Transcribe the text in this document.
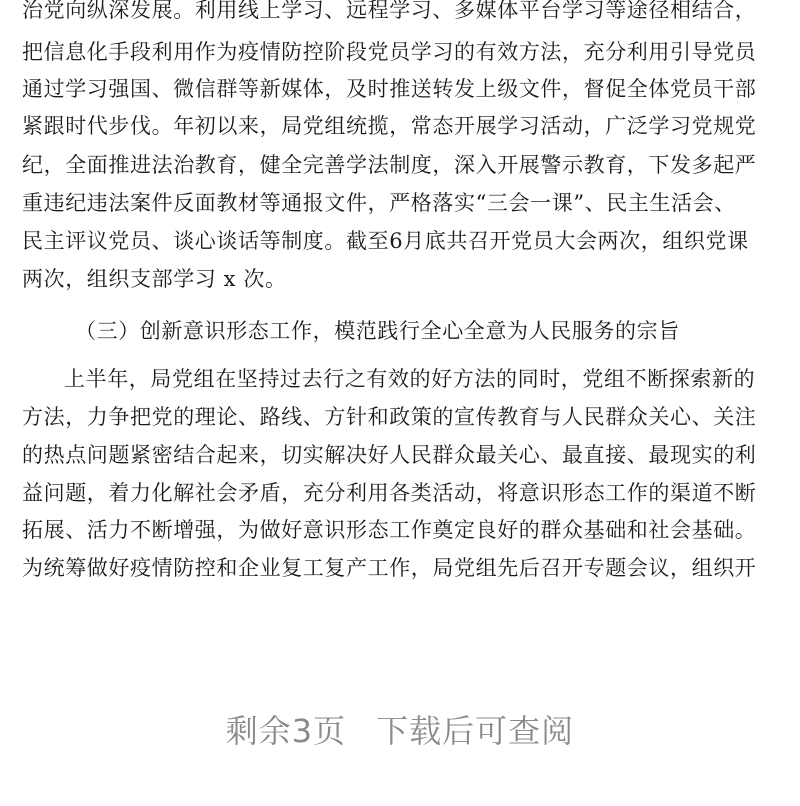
治党向纵深发展。利用线上学习、远程学习、多媒体平台学习等途径相结合，
把信息化手段利用作为疫情防控阶段党员学习的有效方法，充分利用引导党员
通过学习强国、微信群等新媒体，及时推送转发上级文件，督促全体党员干部
紧跟时代步伐。年初以来，局党组统揽，常态开展学习活动，广泛学习党规党
纪，全面推进法治教育，健全完善学法制度，深入开展警示教育，下发多起严
重违纪违法案件反面教材等通报文件，严格落实“三会一课”、民主生活会、
民主评议党员、谈心谈话等制度。截至6月底共召开党员大会两次，组织党课
两次，组织支部学习 x 次。
（三）创新意识形态工作，模范践行全心全意为人民服务的宗旨
上半年，局党组在坚持过去行之有效的好方法的同时，党组不断探索新的
方法，力争把党的理论、路线、方针和政策的宣传教育与人民群众关心、关注
的热点问题紧密结合起来，切实解决好人民群众最关心、最直接、最现实的利
益问题，着力化解社会矛盾，充分利用各类活动，将意识形态工作的渠道不断
拓展、活力不断增强，为做好意识形态工作奠定良好的群众基础和社会基础。
为统筹做好疫情防控和企业复工复产工作，局党组先后召开专题会议，组织开
剩余3页 下载后可查阅
